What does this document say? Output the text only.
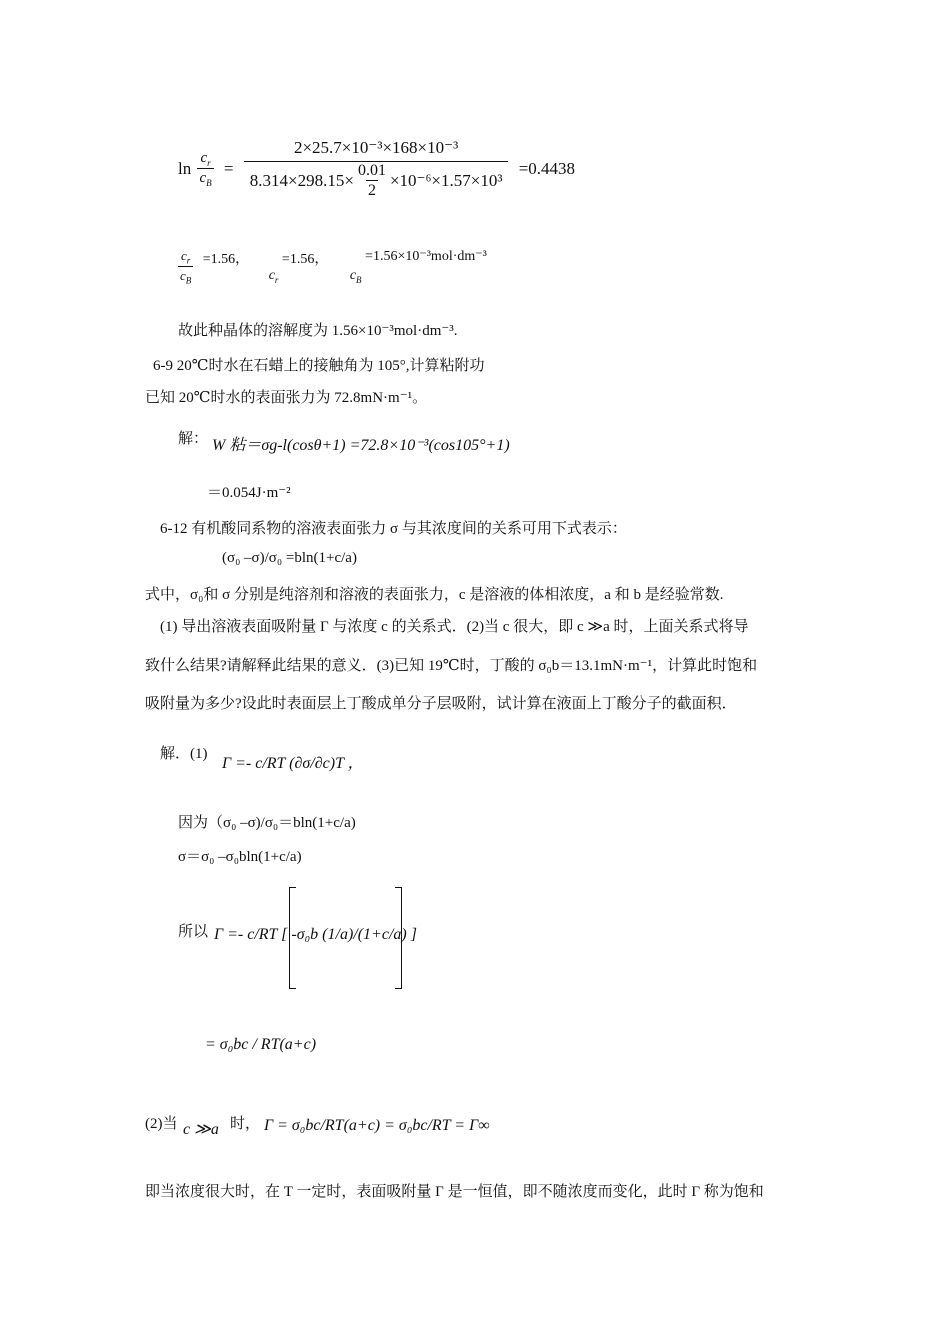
$\ln \frac{c_r}{c_B}$ =
2×25.7×10⁻³×168×10⁻³
$8.314\times 298.15\times \frac{0.01}{2} \times 10^{-6}\times 1.57\times 10^3$
=0.4438
$\frac{c_r}{c_B} =1.56$， $c_r =1.56$， $c_B =1.56\times 10^{-3}mol\cdot dm^{-3}$
故此种晶体的溶解度为 1.56×10⁻³mol·dm⁻³.
6-9 20℃时水在石蜡上的接触角为 105°,计算粘附功
已知 20℃时水的表面张力为 72.8mN·m⁻¹。
解： W 粘＝σg-l(cosθ+1) =72.8×10⁻³(cos105°+1)
＝0.054J·m⁻²
6-12 有机酸同系物的溶液表面张力 σ 与其浓度间的关系可用下式表示：
(σ₀ –σ)/σ₀ =bln(1+c/a)
式中，σ₀和 σ 分别是纯溶剂和溶液的表面张力，c 是溶液的体相浓度，a 和 b 是经验常数.
(1) 导出溶液表面吸附量 Γ 与浓度 c 的关系式．(2)当 c 很大，即 c ≫a 时，上面关系式将导
致什么结果?请解释此结果的意义．(3)已知 19℃时，丁酸的 σ₀b＝13.1mN·m⁻¹，计算此时饱和
吸附量为多少?设此时表面层上丁酸成单分子层吸附，试计算在液面上丁酸分子的截面积．
解．(1)
Γ =- c/RT (∂σ/∂c)T ，
因为（σ₀ –σ)/σ₀＝bln(1+c/a)
σ＝σ₀ –σ₀bln(1+c/a)
所以 Γ =- c/RT [ -σ₀b (1/a)/(1+c/a) ]
= σ₀bc / RT(a+c)
(2)当 c ≫a 时， Γ = σ₀bc/RT(a+c) = σ₀bc/RT = Γ∞
即当浓度很大时，在 T 一定时，表面吸附量 Γ 是一恒值，即不随浓度而变化，此时 Γ 称为饱和
